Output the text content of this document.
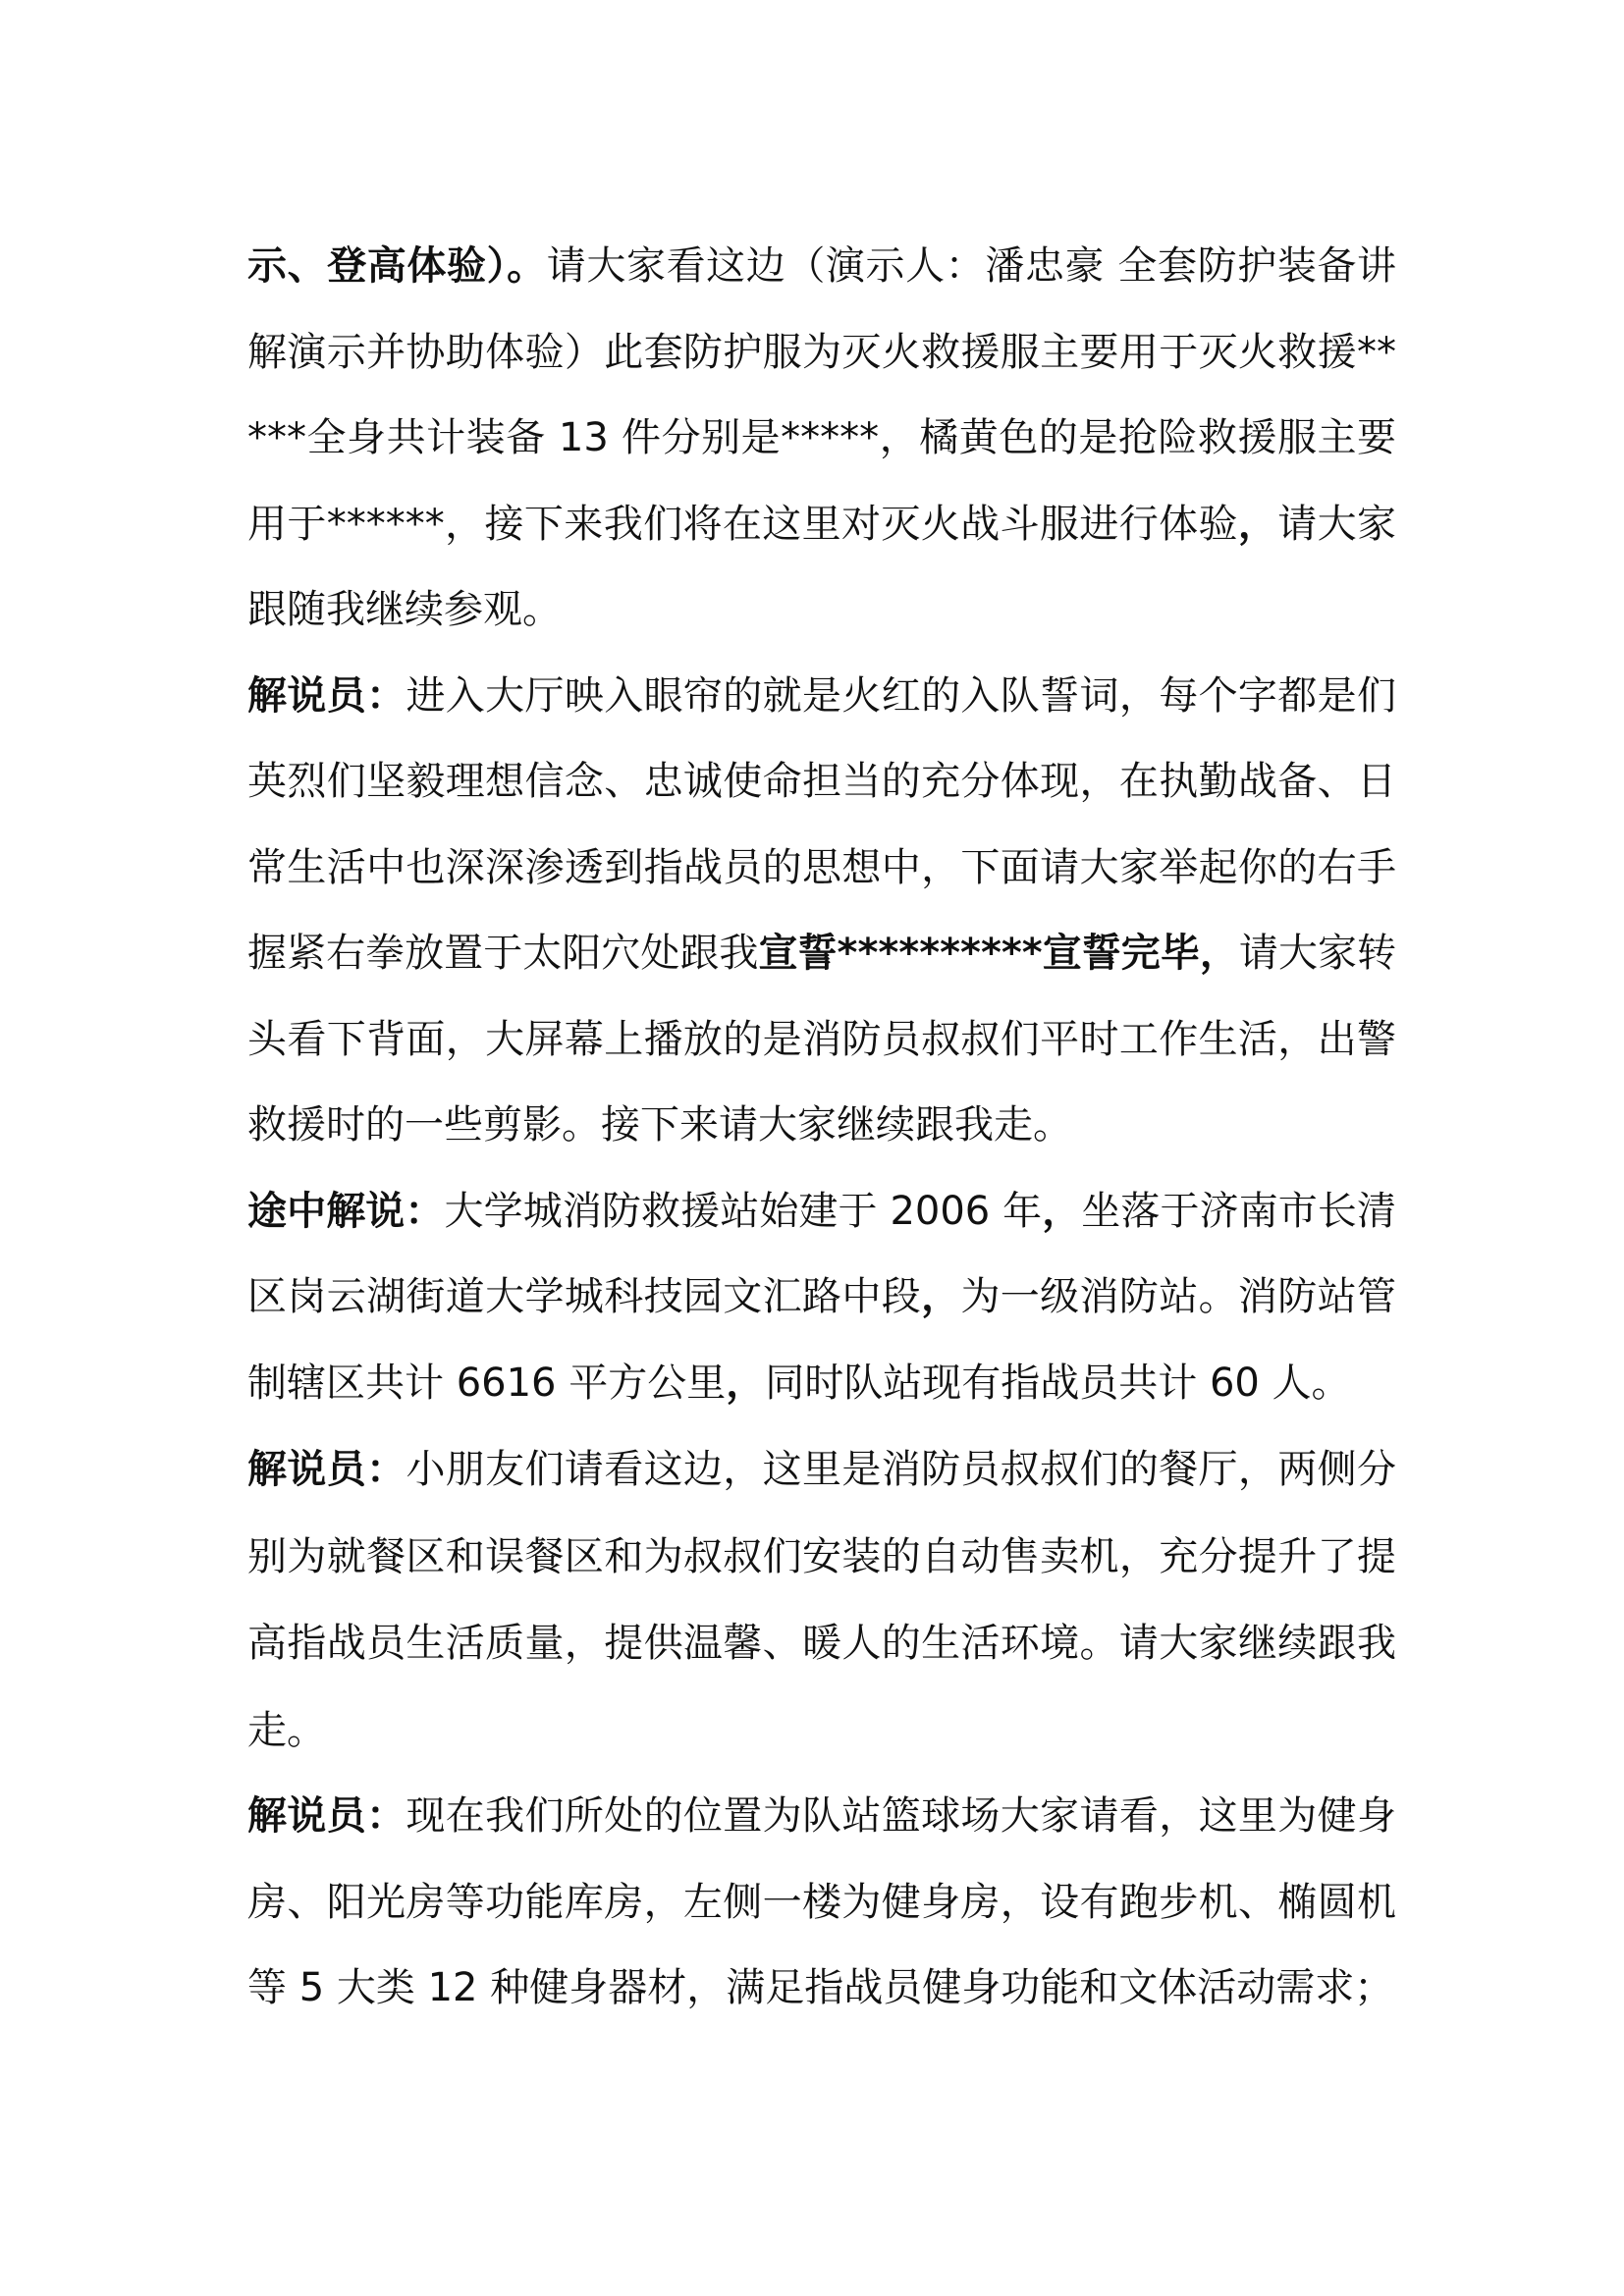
示、登高体验）。请大家看这边（演示人：潘忠豪 全套防护装备讲解演示并协助体验）此套防护服为灭火救援服主要用于灭火救援*****全身共计装备 13 件分别是*****，橘黄色的是抢险救援服主要用于******，接下来我们将在这里对灭火战斗服进行体验，请大家跟随我继续参观。

解说员：进入大厅映入眼帘的就是火红的入队誓词，每个字都是们英烈们坚毅理想信念、忠诚使命担当的充分体现，在执勤战备、日常生活中也深深渗透到指战员的思想中，下面请大家举起你的右手握紧右拳放置于太阳穴处跟我宣誓**********宣誓完毕，请大家转头看下背面，大屏幕上播放的是消防员叔叔们平时工作生活，出警救援时的一些剪影。接下来请大家继续跟我走。

途中解说：大学城消防救援站始建于 2006 年，坐落于济南市长清区岗云湖街道大学城科技园文汇路中段，为一级消防站。消防站管制辖区共计 6616 平方公里，同时队站现有指战员共计 60 人。

解说员：小朋友们请看这边，这里是消防员叔叔们的餐厅，两侧分别为就餐区和误餐区和为叔叔们安装的自动售卖机，充分提升了提高指战员生活质量，提供温馨、暖人的生活环境。请大家继续跟我走。

解说员：现在我们所处的位置为队站篮球场大家请看，这里为健身房、阳光房等功能库房，左侧一楼为健身房，设有跑步机、椭圆机等 5 大类 12 种健身器材，满足指战员健身功能和文体活动需求；
